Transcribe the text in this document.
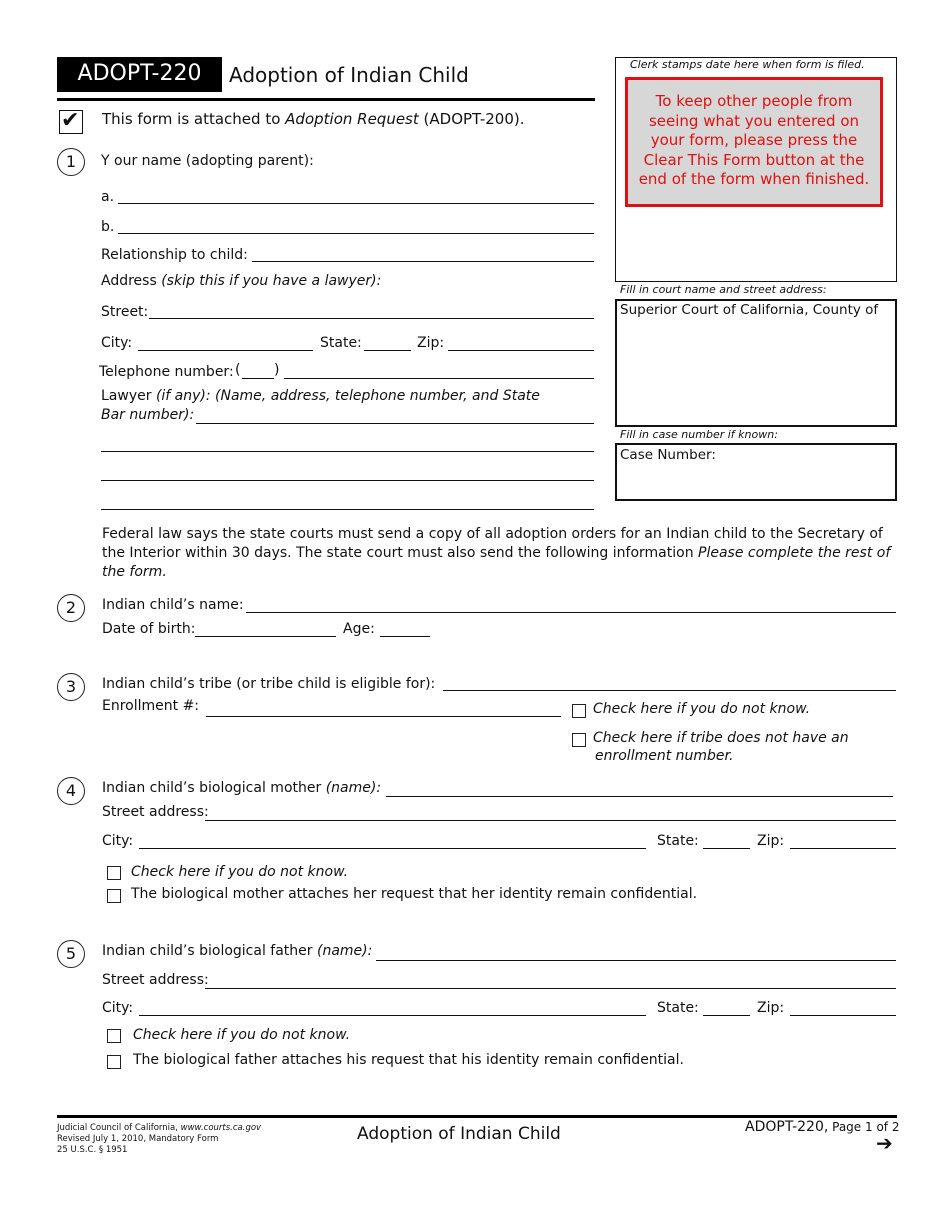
ADOPT-220	Adoption of Indian Child	Clerk stamps date here when form is filed.
To keep other people from seeing what you entered on your form, please press the Clear This Form button at the end of the form when finished.
Fill in court name and street address:
Superior Court of California, County of
Fill in case number if known:
Case Number:
✔ This form is attached to Adoption Request (ADOPT-200).
1	Y our name (adopting parent):
a.
b.
Relationship to child:
Address (skip this if you have a lawyer):
Street:
City:	State:	Zip:
Telephone number: ( )
Lawyer (if any): (Name, address, telephone number, and State
Bar number):
Federal law says the state courts must send a copy of all adoption orders for an Indian child to the Secretary of the Interior within 30 days. The state court must also send the following information Please complete the rest of the form.
2	Indian child’s name:
Date of birth:	Age:
3	Indian child’s tribe (or tribe child is eligible for):
Enrollment #:	Check here if you do not know.
Check here if tribe does not have an
enrollment number.
4	Indian child’s biological mother (name):
Street address:
City:	State:	Zip:
Check here if you do not know.
The biological mother attaches her request that her identity remain confidential.
5	Indian child’s biological father (name):
Street address:
City:	State:	Zip:
Check here if you do not know.
The biological father attaches his request that his identity remain confidential.
Judicial Council of California, www.courts.ca.gov
Revised July 1, 2010, Mandatory Form
25 U.S.C. § 1951
Adoption of Indian Child	ADOPT-220, Page 1 of 2
➔
